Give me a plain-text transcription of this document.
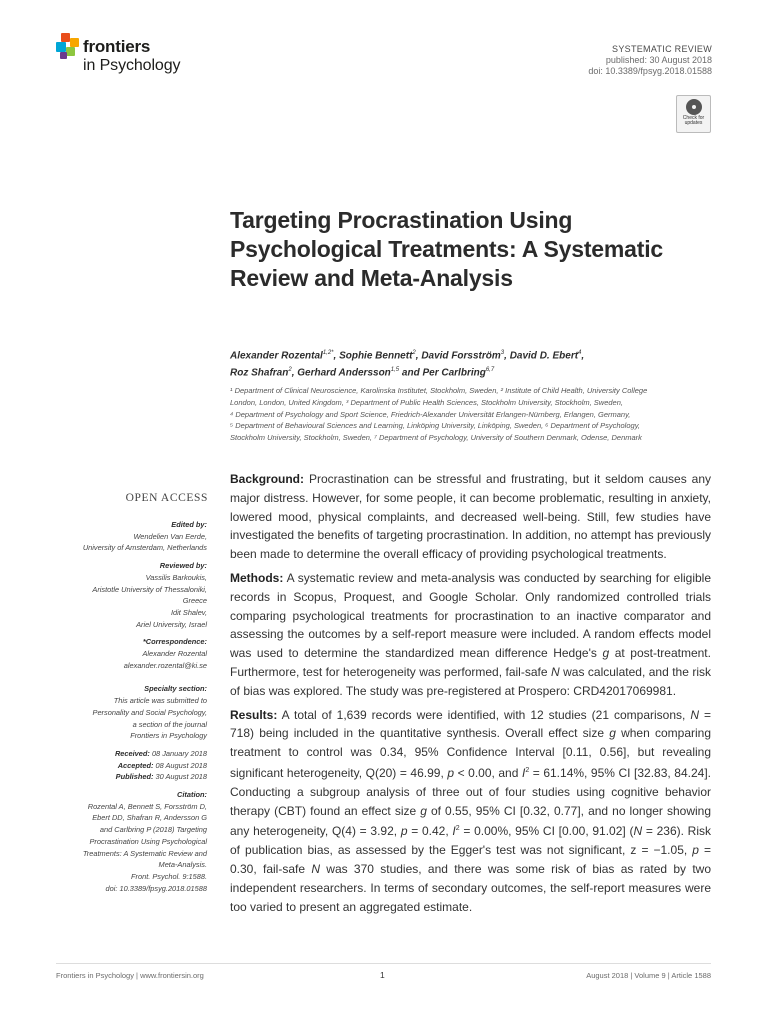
frontiers
in Psychology
SYSTEMATIC REVIEW
published: 30 August 2018
doi: 10.3389/fpsyg.2018.01588
Check for updates
Targeting Procrastination Using Psychological Treatments: A Systematic Review and Meta-Analysis
Alexander Rozental$^{1,2*}$, Sophie Bennett$^2$, David Forsström$^3$, David D. Ebert$^4$,
Roz Shafran$^2$, Gerhard Andersson$^{1,5}$ and Per Carlbring$^{6,7}$
¹ Department of Clinical Neuroscience, Karolinska Institutet, Stockholm, Sweden, ² Institute of Child Health, University College
London, London, United Kingdom, ³ Department of Public Health Sciences, Stockholm University, Stockholm, Sweden,
⁴ Department of Psychology and Sport Science, Friedrich-Alexander Universität Erlangen-Nürnberg, Erlangen, Germany,
⁵ Department of Behavioural Sciences and Learning, Linköping University, Linköping, Sweden, ⁶ Department of Psychology,
Stockholm University, Stockholm, Sweden, ⁷ Department of Psychology, University of Southern Denmark, Odense, Denmark
OPEN ACCESS
Edited by:
Wendelien Van Eerde,
University of Amsterdam, Netherlands
Reviewed by:
Vassilis Barkoukis,
Aristotle University of Thessaloniki,
Greece
Idit Shalev,
Ariel University, Israel
*Correspondence:
Alexander Rozental
alexander.rozental@ki.se
Specialty section:
This article was submitted to
Personality and Social Psychology,
a section of the journal
Frontiers in Psychology
Received: 08 January 2018
Accepted: 08 August 2018
Published: 30 August 2018
Citation:
Rozental A, Bennett S, Forsström D,
Ebert DD, Shafran R, Andersson G
and Carlbring P (2018) Targeting
Procrastination Using Psychological
Treatments: A Systematic Review and
Meta-Analysis.
Front. Psychol. 9:1588.
doi: 10.3389/fpsyg.2018.01588

Background: Procrastination can be stressful and frustrating, but it seldom causes any major distress. However, for some people, it can become problematic, resulting in anxiety, lowered mood, physical complaints, and decreased well-being. Still, few studies have investigated the benefits of targeting procrastination. In addition, no attempt has previously been made to determine the overall efficacy of providing psychological treatments.

Methods: A systematic review and meta-analysis was conducted by searching for eligible records in Scopus, Proquest, and Google Scholar. Only randomized controlled trials comparing psychological treatments for procrastination to an inactive comparator and assessing the outcomes by a self-report measure were included. A random effects model was used to determine the standardized mean difference Hedge's g at post-treatment. Furthermore, test for heterogeneity was performed, fail-safe N was calculated, and the risk of bias was explored. The study was pre-registered at Prospero: CRD42017069981.

Results: A total of 1,639 records were identified, with 12 studies (21 comparisons, N = 718) being included in the quantitative synthesis. Overall effect size g when comparing treatment to control was 0.34, 95% Confidence Interval [0.11, 0.56], but revealing significant heterogeneity, Q(20) = 46.99, p < 0.00, and $I^2 = 61.14\%$, 95% CI [32.83, 84.24]. Conducting a subgroup analysis of three out of four studies using cognitive behavior therapy (CBT) found an effect size g of 0.55, 95% CI [0.32, 0.77], and no longer showing any heterogeneity, Q(4) = 3.92, p = 0.42, $I^2 = 0.00\%$, 95% CI [0.00, 91.02] (N = 236). Risk of publication bias, as assessed by the Egger's test was not significant, z = −1.05, p = 0.30, fail-safe N was 370 studies, and there was some risk of bias as rated by two independent researchers. In terms of secondary outcomes, the self-report measures were too varied to present an aggregated estimate.

Frontiers in Psychology | www.frontiersin.org	1	August 2018 | Volume 9 | Article 1588
